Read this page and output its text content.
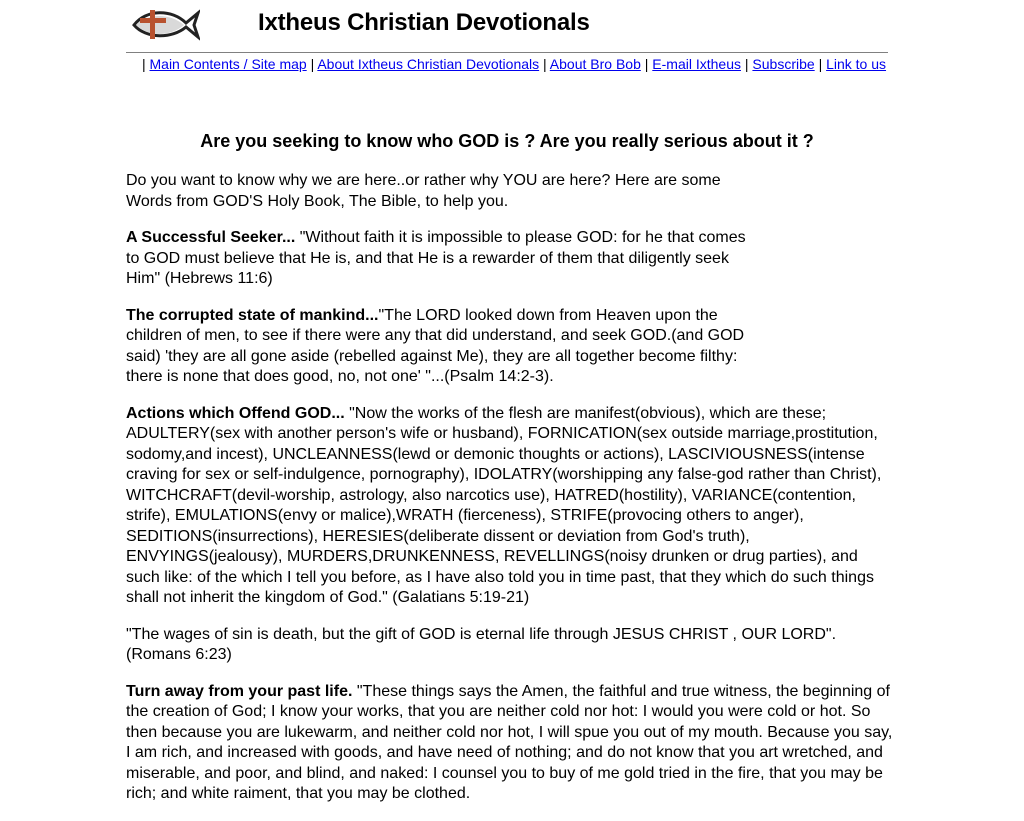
Ixtheus Christian Devotionals
| Main Contents / Site map | About Ixtheus Christian Devotionals | About Bro Bob | E-mail Ixtheus | Subscribe | Link to us
Are you seeking to know who GOD is ? Are you really serious about it ?

Do you want to know why we are here..or rather why YOU are here? Here are some Words from GOD'S Holy Book, The Bible, to help you.

A Successful Seeker... "Without faith it is impossible to please GOD: for he that comes to GOD must believe that He is, and that He is a rewarder of them that diligently seek Him" (Hebrews 11:6)

The corrupted state of mankind..."The LORD looked down from Heaven upon the children of men, to see if there were any that did understand, and seek GOD.(and GOD said) 'they are all gone aside (rebelled against Me), they are all together become filthy: there is none that does good, no, not one' "...(Psalm 14:2-3).

Actions which Offend GOD... "Now the works of the flesh are manifest(obvious), which are these; ADULTERY(sex with another person's wife or husband), FORNICATION(sex outside marriage,prostitution, sodomy,and incest), UNCLEANNESS(lewd or demonic thoughts or actions), LASCIVIOUSNESS(intense craving for sex or self-indulgence, pornography), IDOLATRY(worshipping any false-god rather than Christ), WITCHCRAFT(devil-worship, astrology, also narcotics use), HATRED(hostility), VARIANCE(contention, strife), EMULATIONS(envy or malice),WRATH (fierceness), STRIFE(provocing others to anger), SEDITIONS(insurrections), HERESIES(deliberate dissent or deviation from God's truth), ENVYINGS(jealousy), MURDERS,DRUNKENNESS, REVELLINGS(noisy drunken or drug parties), and such like: of the which I tell you before, as I have also told you in time past, that they which do such things shall not inherit the kingdom of God." (Galatians 5:19-21)

"The wages of sin is death, but the gift of GOD is eternal life through JESUS CHRIST , OUR LORD". (Romans 6:23)

Turn away from your past life. "These things says the Amen, the faithful and true witness, the beginning of the creation of God; I know your works, that you are neither cold nor hot: I would you were cold or hot. So then because you are lukewarm, and neither cold nor hot, I will spue you out of my mouth. Because you say, I am rich, and increased with goods, and have need of nothing; and do not know that you art wretched, and miserable, and poor, and blind, and naked: I counsel you to buy of me gold tried in the fire, that you may be rich; and white raiment, that you may be clothed.
